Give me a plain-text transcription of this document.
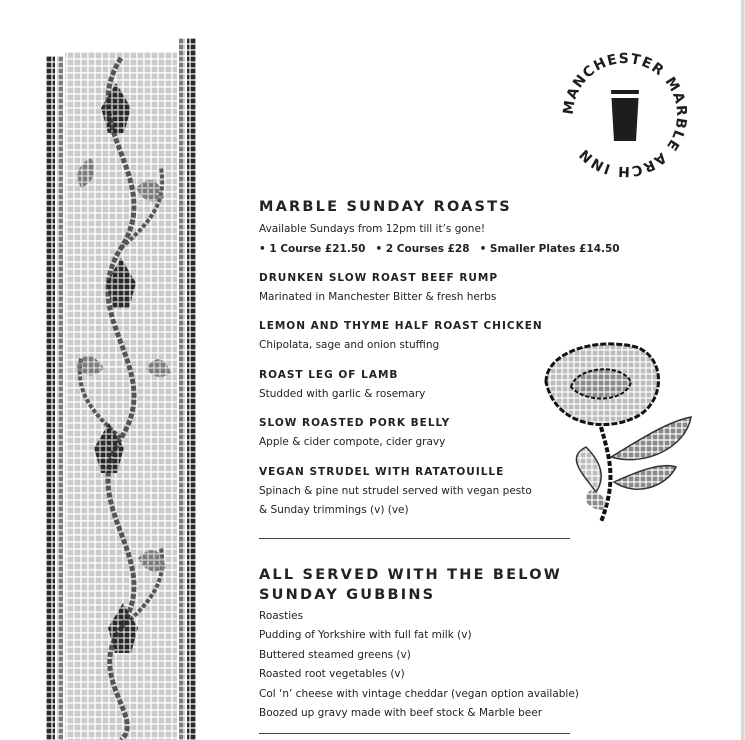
MANCHESTER MARBLE ARCH INN
MARBLE SUNDAY ROASTS

Available Sundays from 12pm till it’s gone!

• 1 Course £21.50 • 2 Courses £28 • Smaller Plates £14.50

DRUNKEN SLOW ROAST BEEF RUMP

Marinated in Manchester Bitter & fresh herbs

LEMON AND THYME HALF ROAST CHICKEN

Chipolata, sage and onion stuffing

ROAST LEG OF LAMB

Studded with garlic & rosemary

SLOW ROASTED PORK BELLY

Apple & cider compote, cider gravy

VEGAN STRUDEL WITH RATATOUILLE

Spinach & pine nut strudel served with vegan pesto

& Sunday trimmings (v) (ve)

ALL SERVED WITH THE BELOW
SUNDAY GUBBINS

Roasties

Pudding of Yorkshire with full fat milk (v)

Buttered steamed greens (v)

Roasted root vegetables (v)

Col ‘n’ cheese with vintage cheddar (vegan option available)

Boozed up gravy made with beef stock & Marble beer
